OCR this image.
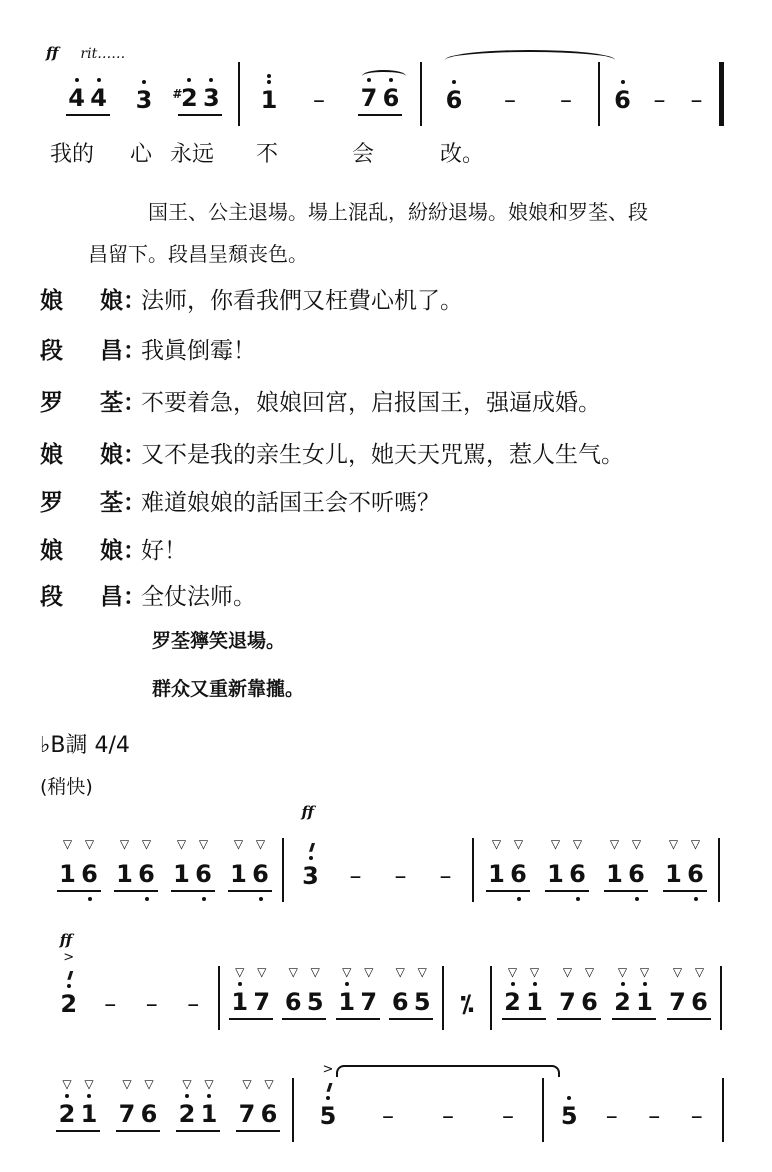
ff rit……
4 4 3 2
# 3 1 – 7 6 6 – – 6 – –
1
▽
6
▽
1
▽
6
▽
1
▽
6
▽
1
▽
6
▽
3
///
ff
– – – 1
▽
6
▽
1
▽
6
▽
1
▽
6
▽
1
▽
6
▽
2
///
>
ff
– – – 1
▽
7
▽
6
▽
5
▽
1
▽
7
▽
6
▽
5
▽
⁒ 2
▽
1
▽
7
▽
6
▽
2
▽
1
▽
7
▽
6
▽
2
▽
1
▽
7
▽
6
▽
2
▽
1
▽
7
▽
6
▽
5
///
>
– – – 5 – – –
我的 心 永远 不	会	改。
国王、公主退場。場上混乱，紛紛退場。娘娘和罗荃、段
昌留下。段昌呈頹丧色。
娘	娘 ：
法师，你看我們又枉費心机了。
段	昌 ：
我眞倒霉！
罗	荃 ：
不要着急，娘娘回宮，启报国王，强逼成婚。
娘	娘 ：
又不是我的亲生女儿，她天天咒駡，惹人生气。
罗	荃 ：
难道娘娘的話国王会不听嗎？
娘	娘 ：
好！
段	昌 ：
全仗法师。
罗荃獰笑退場。
群众又重新靠攏。
♭B調 4/4
(稍快)
